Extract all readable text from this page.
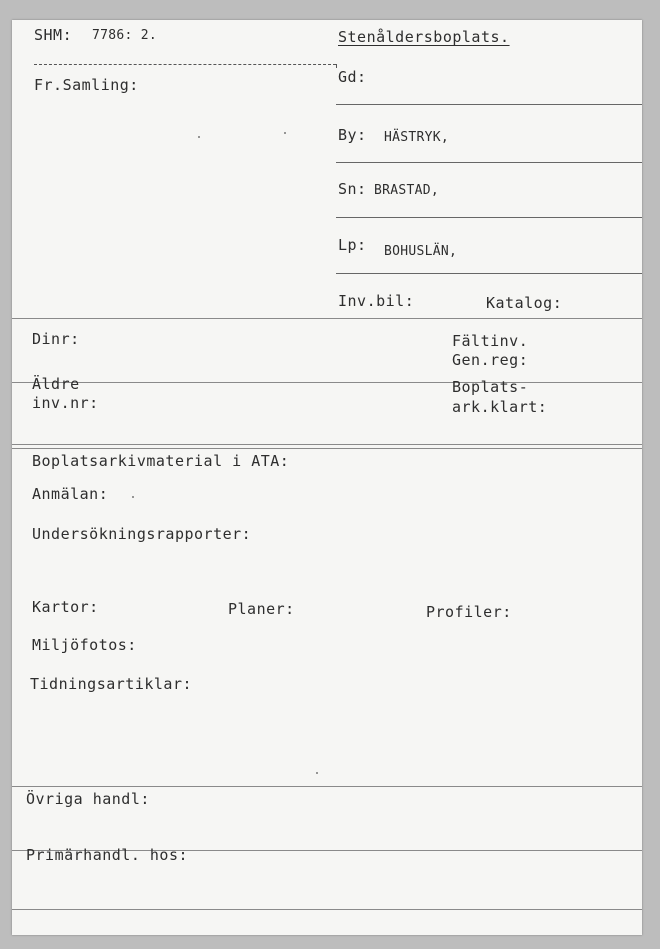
SHM: 7786: 2.	Stenåldersboplats.
Fr.Samling:	Gd:
By: HÄSTRYK,
Sn: BRASTAD,
Lp: BOHUSLÄN,
Inv.bil:	Katalog:
Dinr:	Fältinv.
Gen.reg:
Äldre
inv.nr:
Boplats-
ark.klart:
Boplatsarkivmaterial i ATA:
Anmälan:
Undersökningsrapporter:
Kartor:	Planer:	Profiler:
Miljöfotos:
Tidningsartiklar:
Övriga handl:
Primärhandl. hos:
